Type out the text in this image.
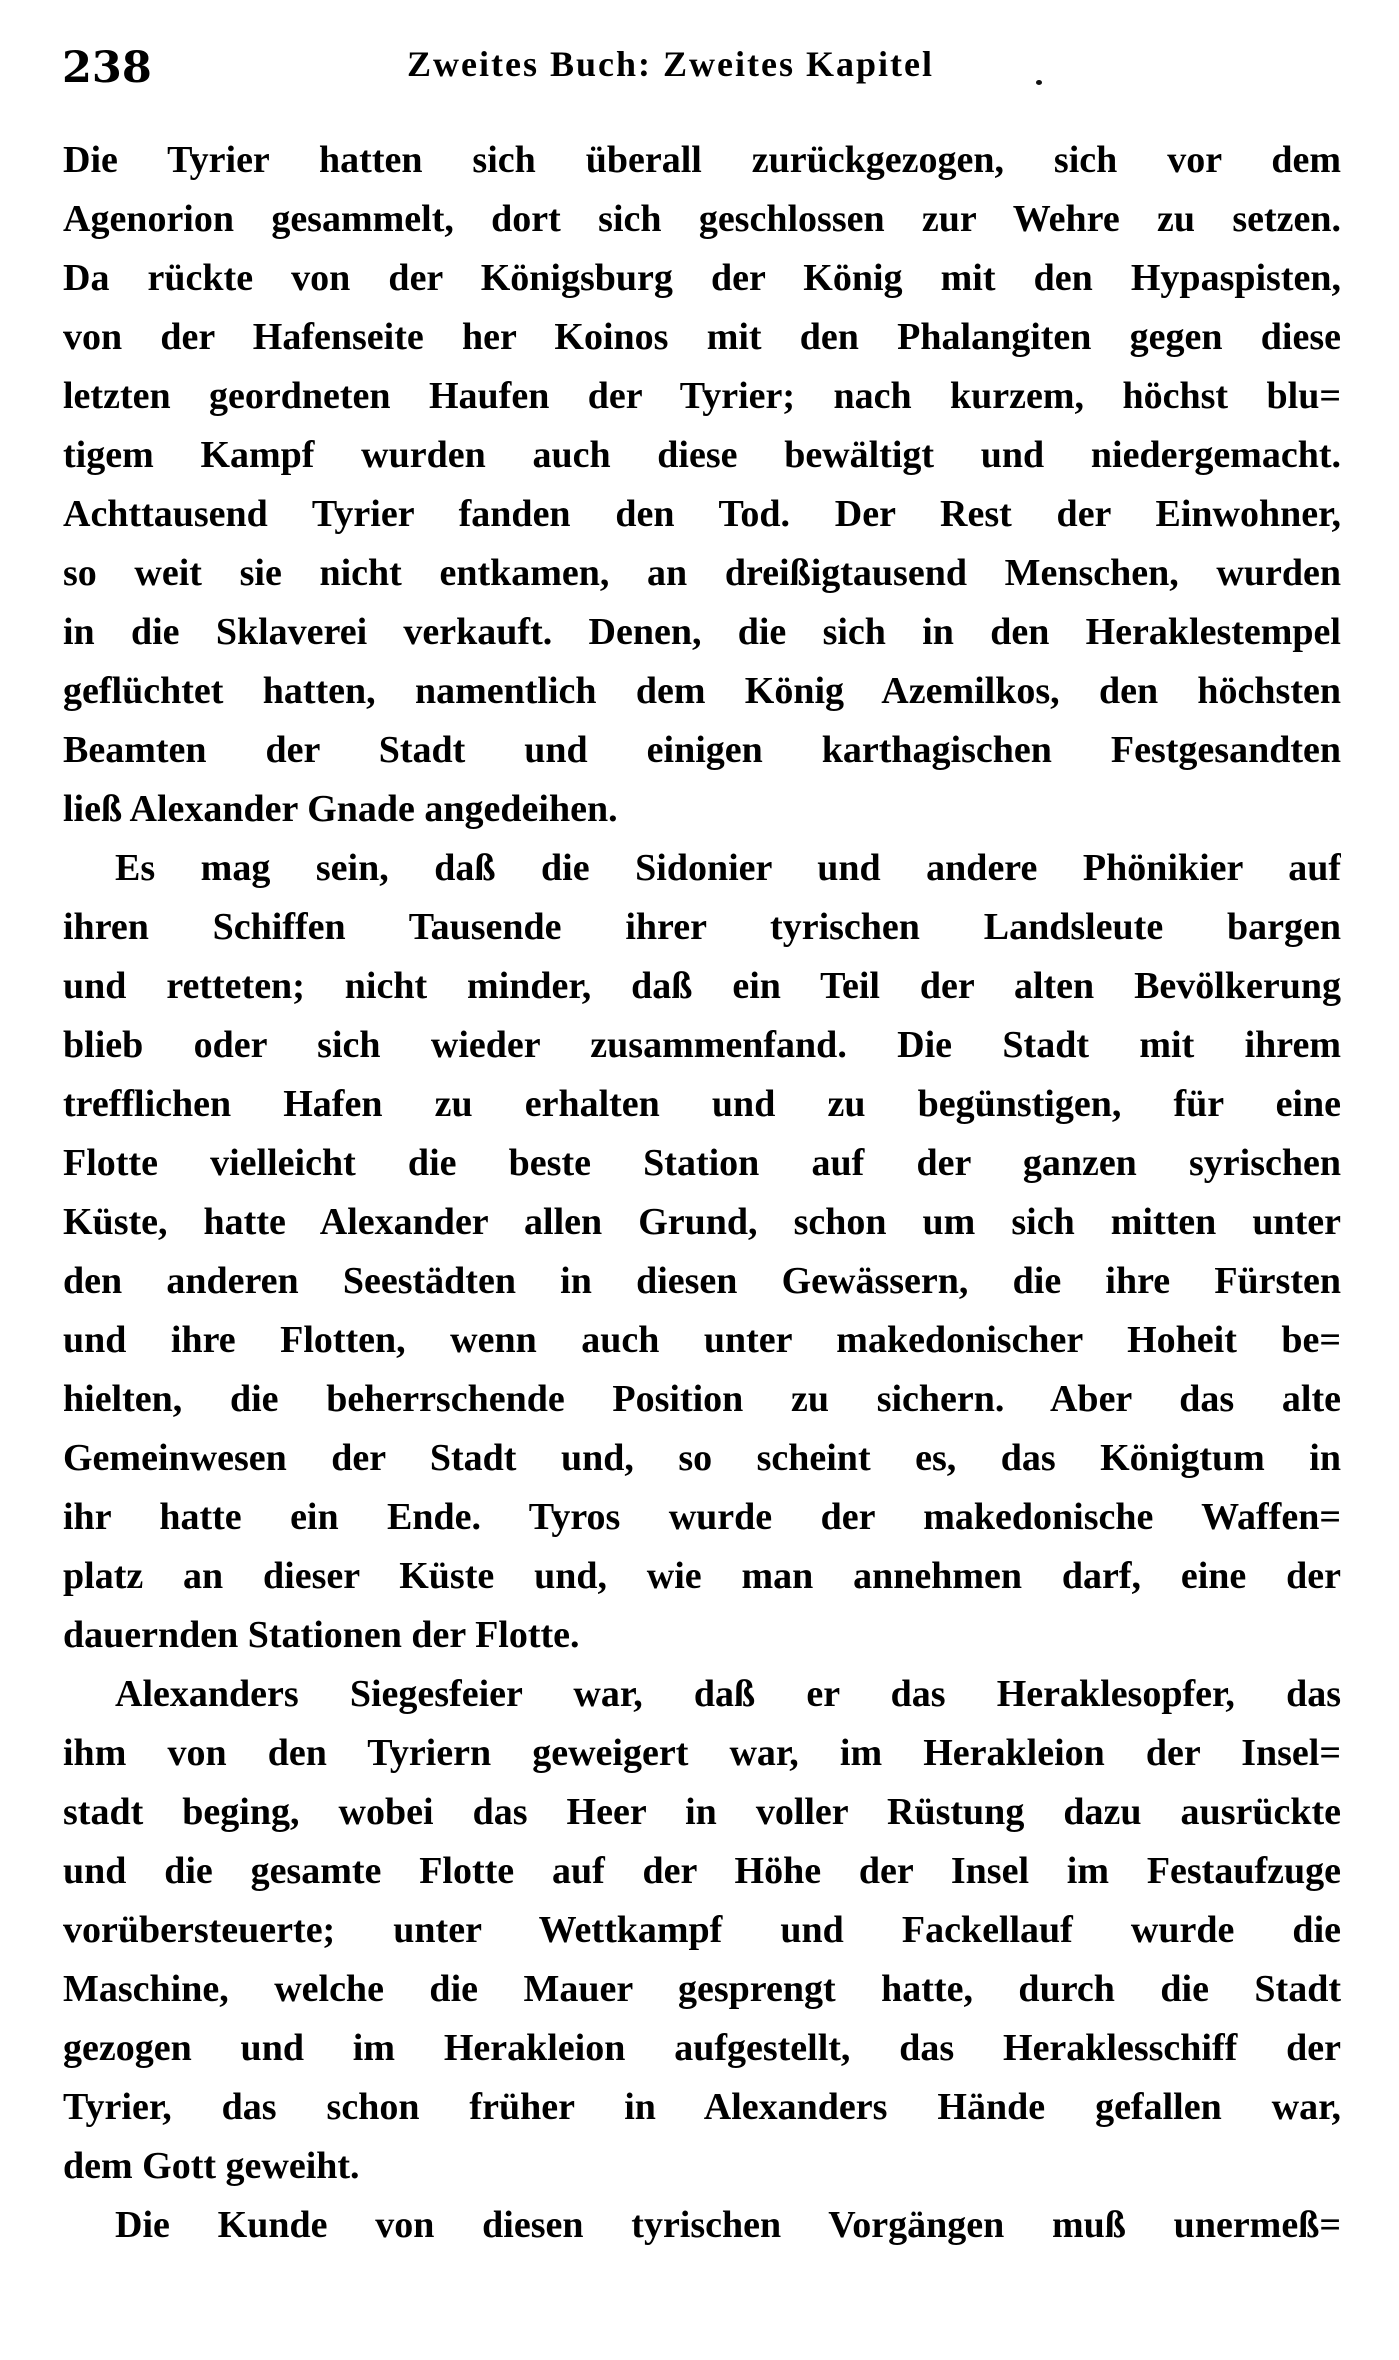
238	Zweites Buch: Zweites Kapitel
Die Tyrier hatten sich überall zurückgezogen, sich vor dem
Agenorion gesammelt, dort sich geschlossen zur Wehre zu setzen.
Da rückte von der Königsburg der König mit den Hypaspisten,
von der Hafenseite her Koinos mit den Phalangiten gegen diese
letzten geordneten Haufen der Tyrier; nach kurzem, höchst blu=
tigem Kampf wurden auch diese bewältigt und niedergemacht.
Achttausend Tyrier fanden den Tod. Der Rest der Einwohner,
so weit sie nicht entkamen, an dreißigtausend Menschen, wurden
in die Sklaverei verkauft. Denen, die sich in den Heraklestempel
geflüchtet hatten, namentlich dem König Azemilkos, den höchsten
Beamten der Stadt und einigen karthagischen Festgesandten
ließ Alexander Gnade angedeihen.
Es mag sein, daß die Sidonier und andere Phönikier auf
ihren Schiffen Tausende ihrer tyrischen Landsleute bargen
und retteten; nicht minder, daß ein Teil der alten Bevölkerung
blieb oder sich wieder zusammenfand. Die Stadt mit ihrem
trefflichen Hafen zu erhalten und zu begünstigen, für eine
Flotte vielleicht die beste Station auf der ganzen syrischen
Küste, hatte Alexander allen Grund, schon um sich mitten unter
den anderen Seestädten in diesen Gewässern, die ihre Fürsten
und ihre Flotten, wenn auch unter makedonischer Hoheit be=
hielten, die beherrschende Position zu sichern. Aber das alte
Gemeinwesen der Stadt und, so scheint es, das Königtum in
ihr hatte ein Ende. Tyros wurde der makedonische Waffen=
platz an dieser Küste und, wie man annehmen darf, eine der
dauernden Stationen der Flotte.
Alexanders Siegesfeier war, daß er das Heraklesopfer, das
ihm von den Tyriern geweigert war, im Herakleion der Insel=
stadt beging, wobei das Heer in voller Rüstung dazu ausrückte
und die gesamte Flotte auf der Höhe der Insel im Festaufzuge
vorübersteuerte; unter Wettkampf und Fackellauf wurde die
Maschine, welche die Mauer gesprengt hatte, durch die Stadt
gezogen und im Herakleion aufgestellt, das Heraklesschiff der
Tyrier, das schon früher in Alexanders Hände gefallen war,
dem Gott geweiht.
Die Kunde von diesen tyrischen Vorgängen muß unermeß=
